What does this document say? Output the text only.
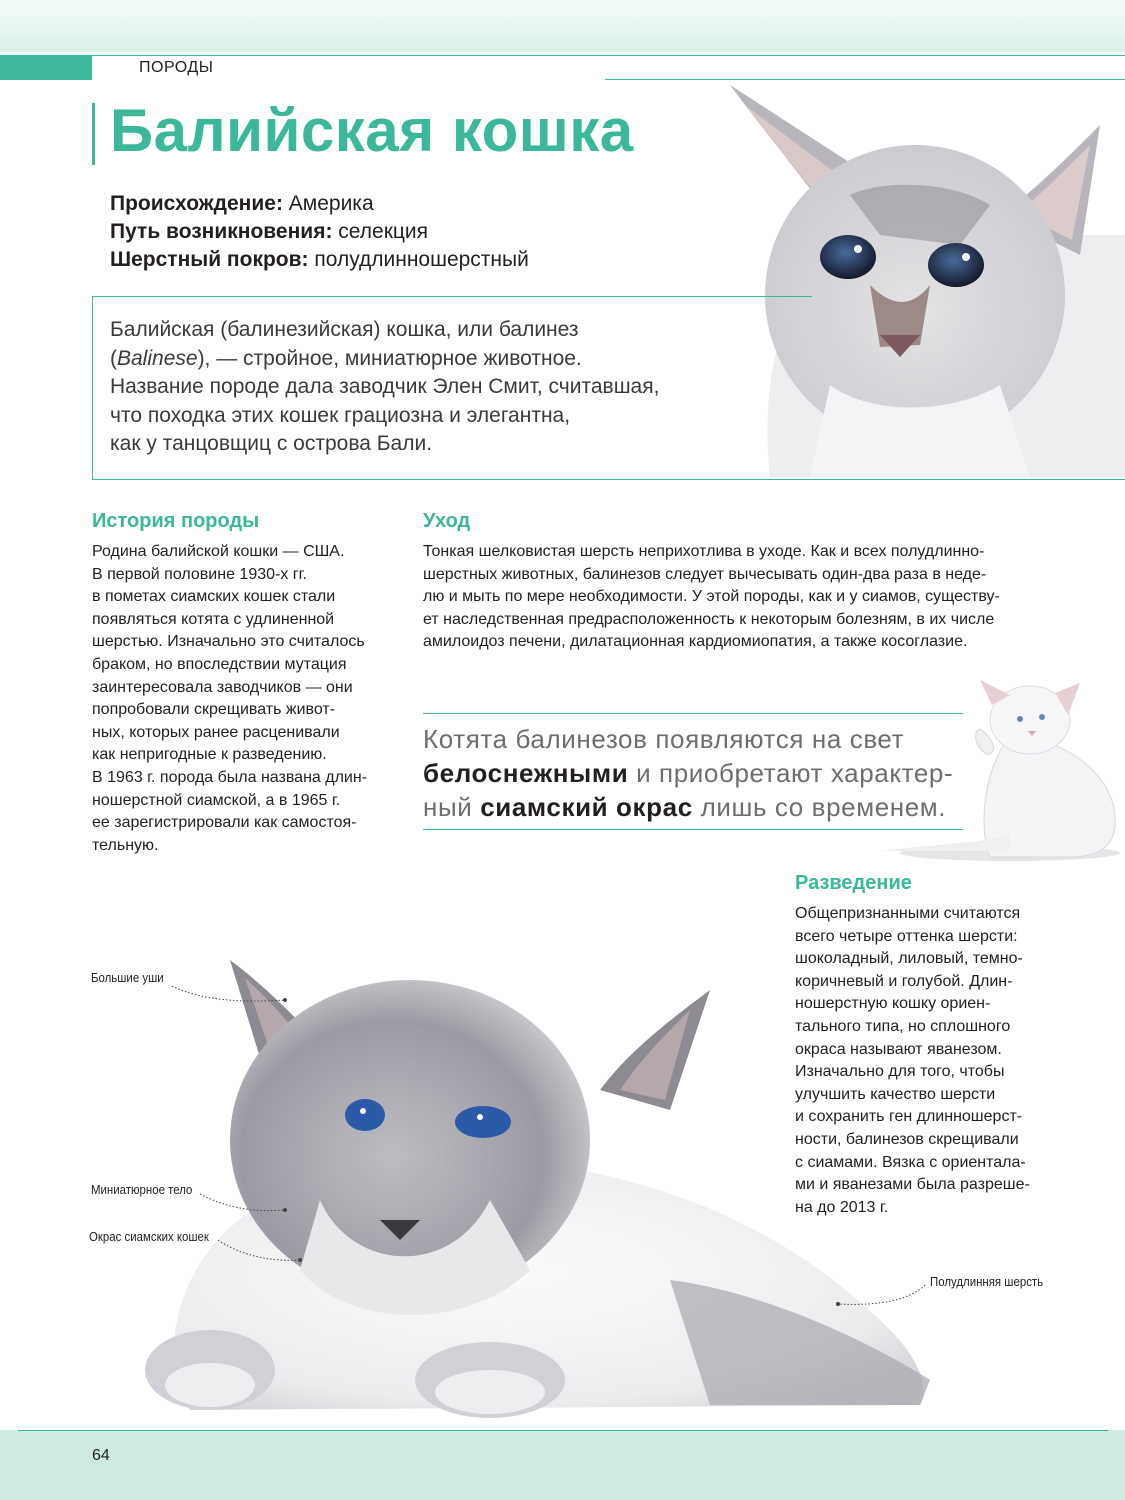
ПОРОДЫ
Балийская кошка
Происхождение: Америка
Путь возникновения: селекция
Шерстный покров: полудлинношерстный
Балийская (балинезийская) кошка, или балинез
(Balinese), — стройное, миниатюрное животное.
Название породе дала заводчик Элен Смит, считавшая,
что походка этих кошек грациозна и элегантна,
как у танцовщиц с острова Бали.
История породы
Родина балийской кошки — США.
В первой половине 1930-х гг.
в пометах сиамских кошек стали
появляться котята с удлиненной
шерстью. Изначально это считалось
браком, но впоследствии мутация
заинтересовала заводчиков — они
попробовали скрещивать живот-
ных, которых ранее расценивали
как непригодные к разведению.
В 1963 г. порода была названа длин-
ношерстной сиамской, а в 1965 г.
ее зарегистрировали как самостоя-
тельную.
Уход
Тонкая шелковистая шерсть неприхотлива в уходе. Как и всех полудлинно-
шерстных животных, балинезов следует вычесывать один-два раза в неде-
лю и мыть по мере необходимости. У этой породы, как и у сиамов, существу-
ет наследственная предрасположенность к некоторым болезням, в их числе
амилоидоз печени, дилатационная кардиомиопатия, а также косоглазие.
Котята балинезов появляются на свет
белоснежными и приобретают характер-
ный сиамский окрас лишь со временем.
Разведение
Общепризнанными считаются
всего четыре оттенка шерсти:
шоколадный, лиловый, темно-
коричневый и голубой. Длин-
ношерстную кошку ориен-
тального типа, но сплошного
окраса называют яванезом.
Изначально для того, чтобы
улучшить качество шерсти
и сохранить ген длинношерст-
ности, балинезов скрещивали
с сиамами. Вязка с ориентала-
ми и яванезами была разреше-
на до 2013 г.
Большие уши
Миниатюрное тело
Окрас сиамских кошек
Полудлинняя шерсть
64
